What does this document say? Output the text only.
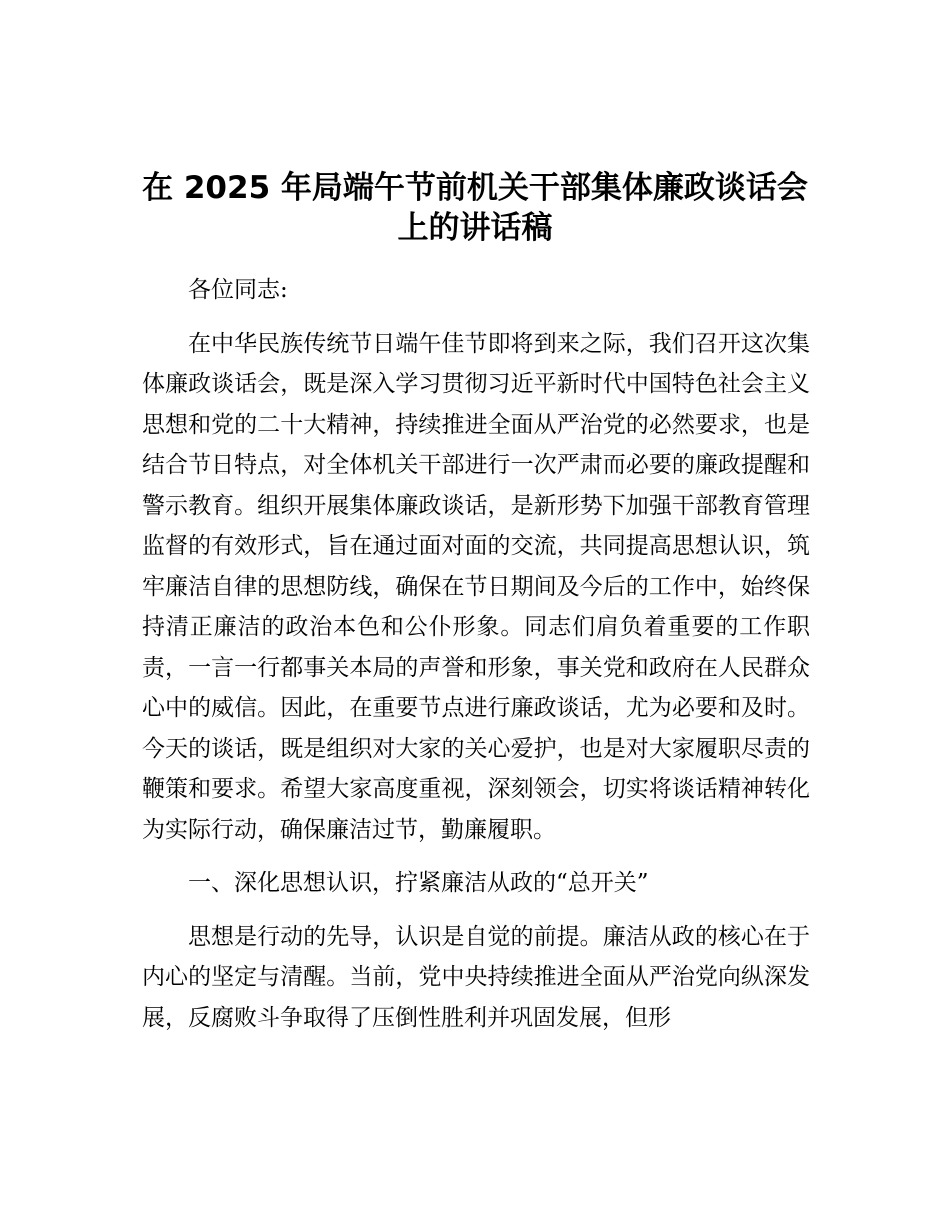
在 2025 年局端午节前机关干部集体廉政谈话会上的讲话稿

各位同志:

在中华民族传统节日端午佳节即将到来之际，我们召开这次集体廉政谈话会，既是深入学习贯彻习近平新时代中国特色社会主义思想和党的二十大精神，持续推进全面从严治党的必然要求，也是结合节日特点，对全体机关干部进行一次严肃而必要的廉政提醒和警示教育。组织开展集体廉政谈话，是新形势下加强干部教育管理监督的有效形式，旨在通过面对面的交流，共同提高思想认识，筑牢廉洁自律的思想防线，确保在节日期间及今后的工作中，始终保持清正廉洁的政治本色和公仆形象。同志们肩负着重要的工作职责，一言一行都事关本局的声誉和形象，事关党和政府在人民群众心中的威信。因此，在重要节点进行廉政谈话，尤为必要和及时。今天的谈话，既是组织对大家的关心爱护，也是对大家履职尽责的鞭策和要求。希望大家高度重视，深刻领会，切实将谈话精神转化为实际行动，确保廉洁过节，勤廉履职。

一、深化思想认识，拧紧廉洁从政的“总开关”

思想是行动的先导，认识是自觉的前提。廉洁从政的核心在于内心的坚定与清醒。当前，党中央持续推进全面从严治党向纵深发展，反腐败斗争取得了压倒性胜利并巩固发展，但形
